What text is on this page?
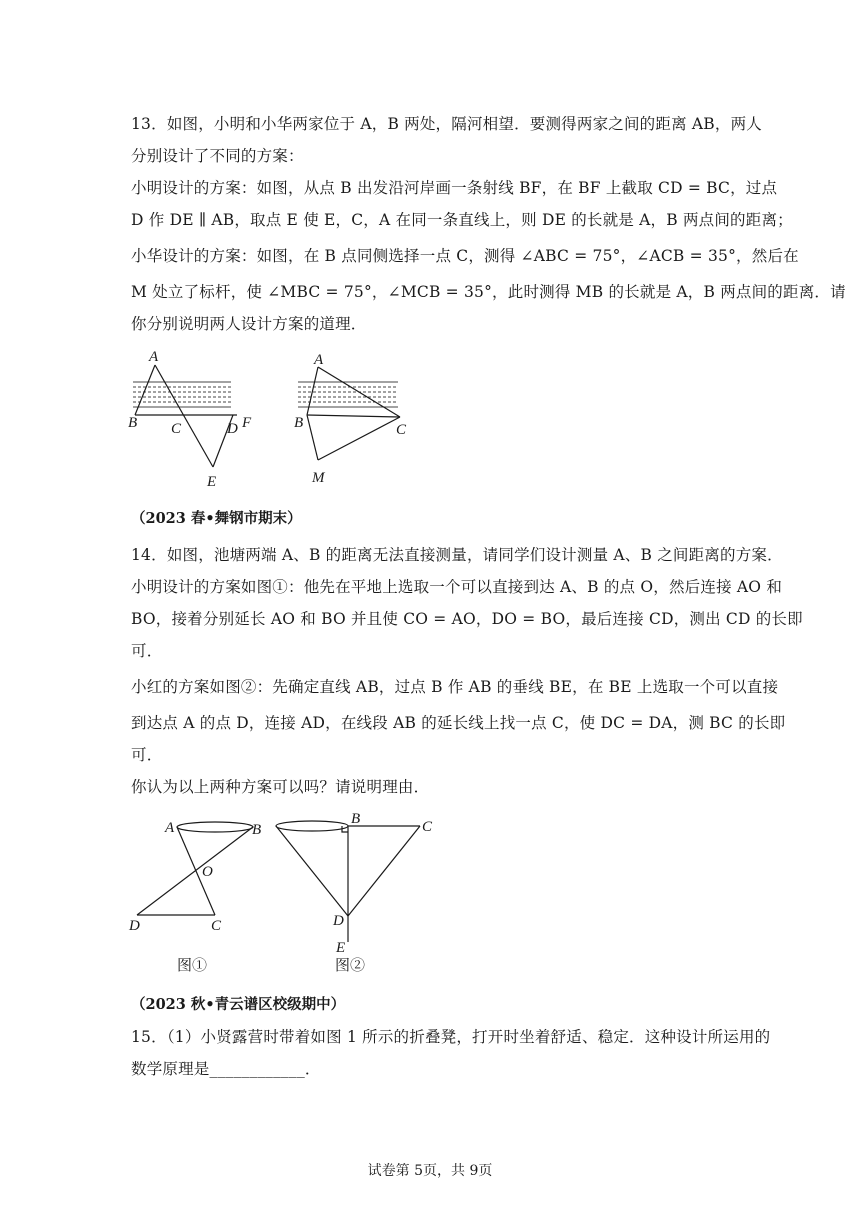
13．如图，小明和小华两家位于 A，B 两处，隔河相望．要测得两家之间的距离 AB，两人
分别设计了不同的方案：
小明设计的方案：如图，从点 B 出发沿河岸画一条射线 BF，在 BF 上截取 CD = BC，过点
D 作 DE ∥ AB，取点 E 使 E，C，A 在同一条直线上，则 DE 的长就是 A，B 两点间的距离；
小华设计的方案：如图，在 B 点同侧选择一点 C，测得 ∠ABC = 75°，∠ACB = 35°，然后在
M 处立了标杆，使 ∠MBC = 75°，∠MCB = 35°，此时测得 MB 的长就是 A，B 两点间的距离．请
你分别说明两人设计方案的道理．
A
B C	D F
E
A
B	C
M
（2023 春•舞钢市期末）
14．如图，池塘两端 A、B 的距离无法直接测量，请同学们设计测量 A、B 之间距离的方案．
小明设计的方案如图①：他先在平地上选取一个可以直接到达 A、B 的点 O，然后连接 AO 和
BO，接着分别延长 AO 和 BO 并且使 CO = AO，DO = BO，最后连接 CD，测出 CD 的长即
可．
小红的方案如图②：先确定直线 AB，过点 B 作 AB 的垂线 BE，在 BE 上选取一个可以直接
到达点 A 的点 D，连接 AD，在线段 AB 的延长线上找一点 C，使 DC = DA，测 BC 的长即
可．
你认为以上两种方案可以吗？请说明理由．
A	B
O
D	C
图①
B	C
D
E
图②
（2023 秋•青云谱区校级期中）
15．（1）小贤露营时带着如图 1 所示的折叠凳，打开时坐着舒适、稳定．这种设计所运用的
数学原理是____________．
试卷第 5页，共 9页
